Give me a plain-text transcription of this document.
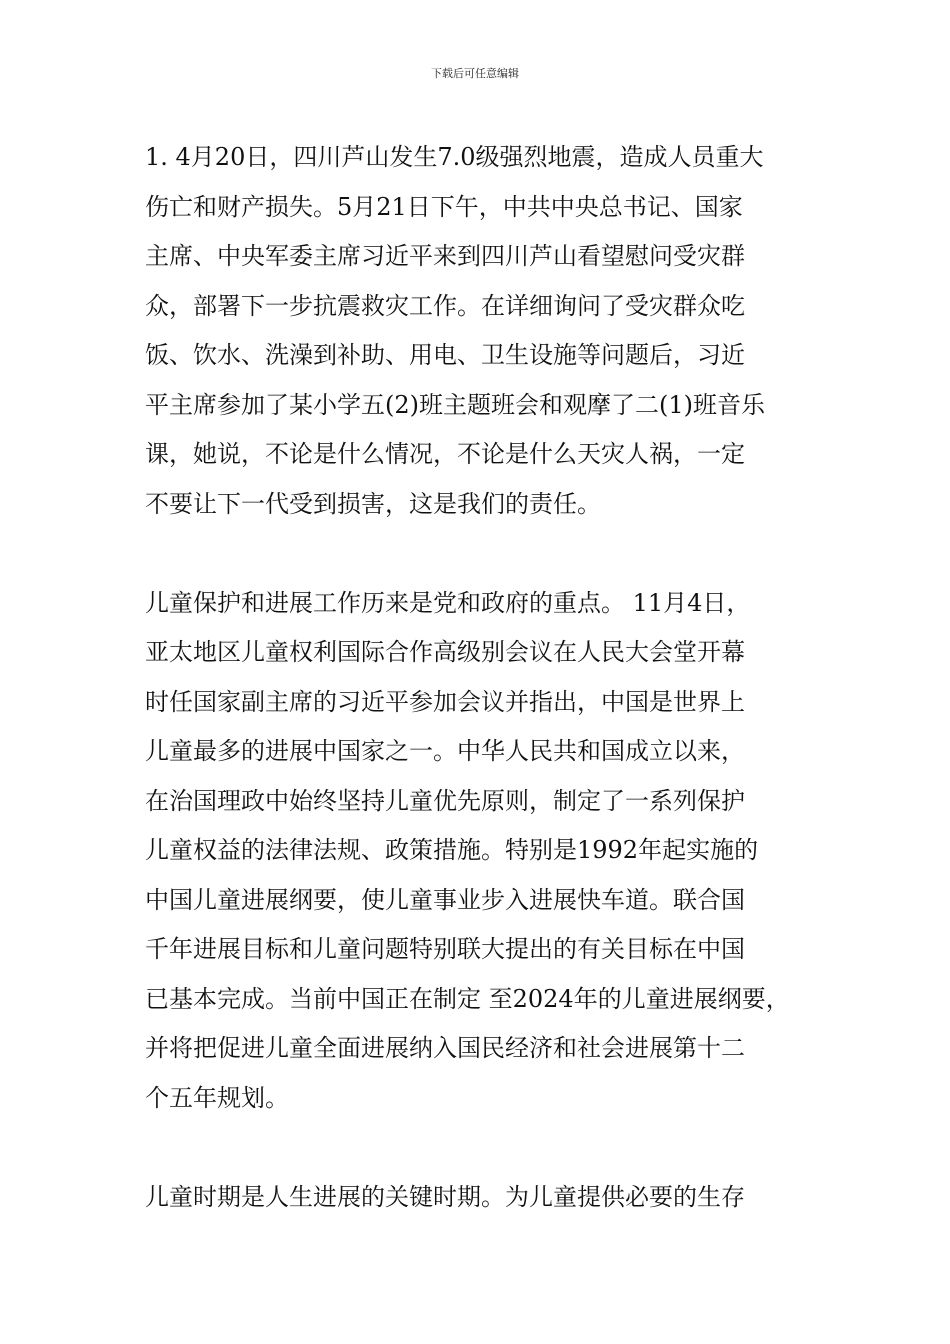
下载后可任意编辑
1. 4月20日，四川芦山发生7.0级强烈地震，造成人员重大
伤亡和财产损失。5月21日下午，中共中央总书记、国家
主席、中央军委主席习近平来到四川芦山看望慰问受灾群
众，部署下一步抗震救灾工作。在详细询问了受灾群众吃
饭、饮水、洗澡到补助、用电、卫生设施等问题后，习近
平主席参加了某小学五(2)班主题班会和观摩了二(1)班音乐
课，她说，不论是什么情况，不论是什么天灾人祸，一定
不要让下一代受到损害，这是我们的责任。
儿童保护和进展工作历来是党和政府的重点。 11月4日，
亚太地区儿童权利国际合作高级别会议在人民大会堂开幕
时任国家副主席的习近平参加会议并指出，中国是世界上
儿童最多的进展中国家之一。中华人民共和国成立以来，
在治国理政中始终坚持儿童优先原则，制定了一系列保护
儿童权益的法律法规、政策措施。特别是1992年起实施的
中国儿童进展纲要，使儿童事业步入进展快车道。联合国
千年进展目标和儿童问题特别联大提出的有关目标在中国
已基本完成。当前中国正在制定 至2024年的儿童进展纲要，
并将把促进儿童全面进展纳入国民经济和社会进展第十二
个五年规划。
儿童时期是人生进展的关键时期。为儿童提供必要的生存
